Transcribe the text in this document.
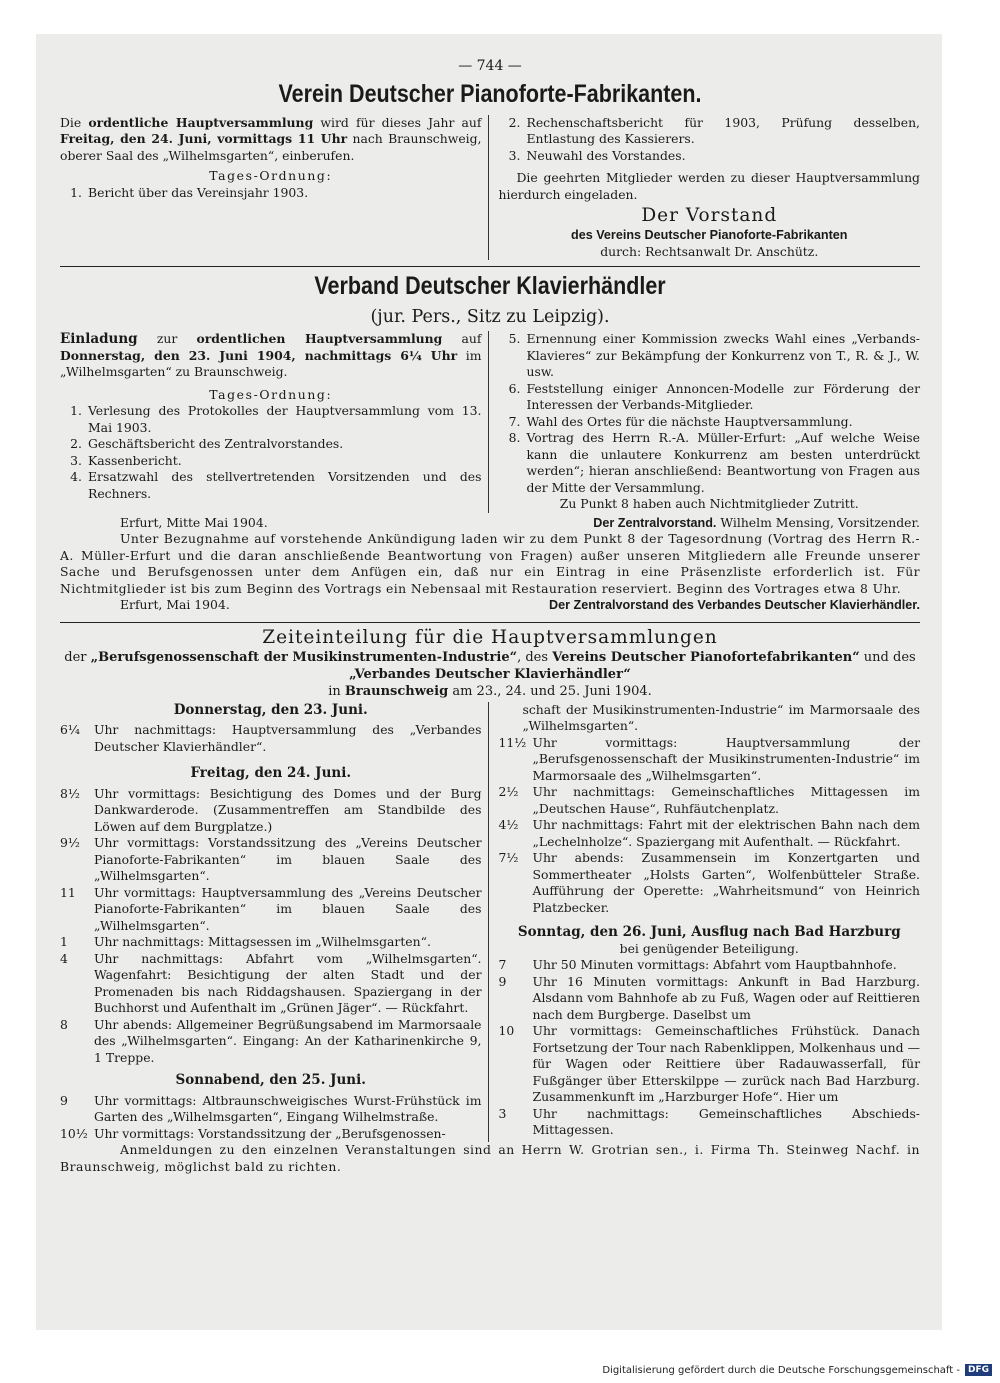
— 744 —
Verein Deutscher Pianoforte-Fabrikanten.

Die ordentliche Hauptversammlung wird für dieses Jahr auf Freitag, den 24. Juni, vormittags 11 Uhr nach Braunschweig, oberer Saal des „Wilhelmsgarten“, einberufen.

Tages-Ordnung:

1. Bericht über das Vereinsjahr 1903.
2. Rechenschaftsbericht für 1903, Prüfung desselben, Entlastung des Kassierers.
3. Neuwahl des Vorstandes.

Die geehrten Mitglieder werden zu dieser Hauptversammlung hierdurch eingeladen.

Der Vorstand

des Vereins Deutscher Pianoforte-Fabrikanten

durch: Rechtsanwalt Dr. Anschütz.

Verband Deutscher Klavierhändler
(jur. Pers., Sitz zu Leipzig).

Einladung zur ordentlichen Hauptversammlung auf Donnerstag, den 23. Juni 1904, nachmittags 6¼ Uhr im „Wilhelmsgarten“ zu Braunschweig.

Tages-Ordnung:

1. Verlesung des Protokolles der Hauptversammlung vom 13. Mai 1903.
2. Geschäftsbericht des Zentralvorstandes.
3. Kassenbericht.
4. Ersatzwahl des stellvertretenden Vorsitzenden und des Rechners.
5. Ernennung einer Kommission zwecks Wahl eines „Verbands-Klavieres“ zur Bekämpfung der Konkurrenz von T., R. & J., W. usw.
6. Feststellung einiger Annoncen-Modelle zur Förderung der Interessen der Verbands-Mitglieder.
7. Wahl des Ortes für die nächste Hauptversammlung.
8. Vortrag des Herrn R.-A. Müller-Erfurt: „Auf welche Weise kann die unlautere Konkurrenz am besten unterdrückt werden“; hieran anschließend: Beantwortung von Fragen aus der Mitte der Versammlung.

Zu Punkt 8 haben auch Nichtmitglieder Zutritt.

Erfurt, Mitte Mai 1904.	Der Zentralvorstand. Wilhelm Mensing, Vorsitzender.

Unter Bezugnahme auf vorstehende Ankündigung laden wir zu dem Punkt 8 der Tagesordnung (Vortrag des Herrn R.-A. Müller-Erfurt und die daran anschließende Beantwortung von Fragen) außer unseren Mitgliedern alle Freunde unserer Sache und Berufsgenossen unter dem Anfügen ein, daß nur ein Eintrag in eine Präsenzliste erforderlich ist. Für Nichtmitglieder ist bis zum Beginn des Vortrags ein Nebensaal mit Restauration reserviert. Beginn des Vortrages etwa 8 Uhr.

Erfurt, Mai 1904.	Der Zentralvorstand des Verbandes Deutscher Klavierhändler.
Zeiteinteilung für die Hauptversammlungen

der „Berufsgenossenschaft der Musikinstrumenten-Industrie“, des Vereins Deutscher Pianofortefabrikanten“ und des „Verbandes Deutscher Klavierhändler“

in Braunschweig am 23., 24. und 25. Juni 1904.

Donnerstag, den 23. Juni.
6¼	Uhr nachmittags: Hauptversammlung des „Verbandes Deutscher Klavierhändler“.
Freitag, den 24. Juni.
8½	Uhr vormittags: Besichtigung des Domes und der Burg Dankwarderode. (Zusammentreffen am Standbilde des Löwen auf dem Burgplatze.)
9½	Uhr vormittags: Vorstandssitzung des „Vereins Deutscher Pianoforte-Fabrikanten“ im blauen Saale des „Wilhelmsgarten“.
11	Uhr vormittags: Hauptversammlung des „Vereins Deutscher Pianoforte-Fabrikanten“ im blauen Saale des „Wilhelmsgarten“.
1	Uhr nachmittags: Mittagsessen im „Wilhelmsgarten“.
4	Uhr nachmittags: Abfahrt vom „Wilhelmsgarten“. Wagenfahrt: Besichtigung der alten Stadt und der Promenaden bis nach Riddagshausen. Spaziergang in der Buchhorst und Aufenthalt im „Grünen Jäger“. — Rückfahrt.
8	Uhr abends: Allgemeiner Begrüßungsabend im Marmorsaale des „Wilhelmsgarten“. Eingang: An der Katharinenkirche 9, 1 Treppe.
Sonnabend, den 25. Juni.
9	Uhr vormittags: Altbraunschweigisches Wurst-Frühstück im Garten des „Wilhelmsgarten“, Eingang Wilhelmstraße.
10½ Uhr vormittags: Vorstandssitzung der „Berufsgenossen-

schaft der Musikinstrumenten-Industrie“ im Marmorsaale des „Wilhelmsgarten“.

11½ Uhr vormittags: Hauptversammlung der „Berufsgenossenschaft der Musikinstrumenten-Industrie“ im Marmorsaale des „Wilhelmsgarten“.
2½	Uhr nachmittags: Gemeinschaftliches Mittagessen im „Deutschen Hause“, Ruhfäutchenplatz.
4½	Uhr nachmittags: Fahrt mit der elektrischen Bahn nach dem „Lechelnholze“. Spaziergang mit Aufenthalt. — Rückfahrt.
7½	Uhr abends: Zusammensein im Konzertgarten und Sommertheater „Holsts Garten“, Wolfenbütteler Straße. Aufführung der Operette: „Wahrheitsmund“ von Heinrich Platzbecker.
Sonntag, den 26. Juni, Ausflug nach Bad Harzburg

bei genügender Beteiligung.

7	Uhr 50 Minuten vormittags: Abfahrt vom Hauptbahnhofe.
9	Uhr 16 Minuten vormittags: Ankunft in Bad Harzburg. Alsdann vom Bahnhofe ab zu Fuß, Wagen oder auf Reittieren nach dem Burgberge. Daselbst um
10	Uhr vormittags: Gemeinschaftliches Frühstück. Danach Fortsetzung der Tour nach Rabenklippen, Molkenhaus und — für Wagen oder Reittiere über Radauwasserfall, für Fußgänger über Etterskilppe — zurück nach Bad Harzburg. Zusammenkunft im „Harzburger Hofe“. Hier um
3	Uhr nachmittags: Gemeinschaftliches Abschieds-Mittagessen.

Anmeldungen zu den einzelnen Veranstaltungen sind an Herrn W. Grotrian sen., i. Firma Th. Steinweg Nachf. in Braunschweig, möglichst bald zu richten.

Digitalisierung gefördert durch die Deutsche Forschungsgemeinschaft - DFG
